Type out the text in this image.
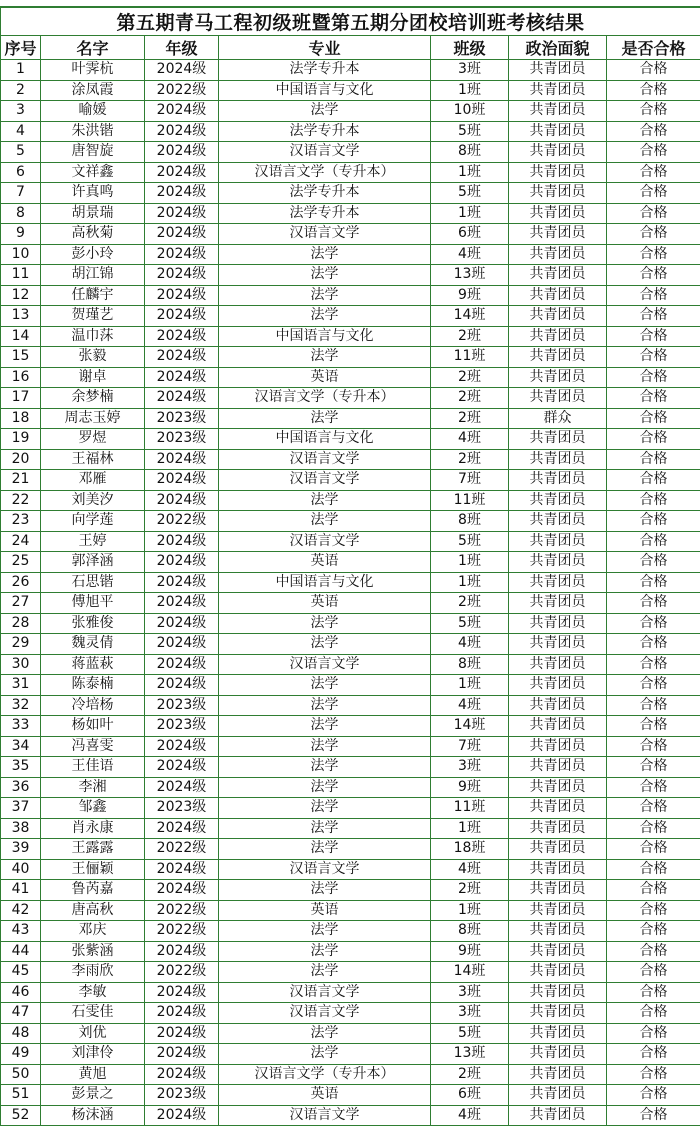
第五期青马工程初级班暨第五期分团校培训班考核结果						
序号	名字	年级	专业	班级	政治面貌	是否合格
1	叶霁杭	2024级	法学专升本	3班	共青团员	合格
2	涂凤霞	2022级	中国语言与文化	1班	共青团员	合格
3	喻媛	2024级	法学	10班	共青团员	合格
4	朱洪锴	2024级	法学专升本	5班	共青团员	合格
5	唐智旋	2024级	汉语言文学	8班	共青团员	合格
6	文祥鑫	2024级	汉语言文学（专升本）	1班	共青团员	合格
7	许真鸣	2024级	法学专升本	5班	共青团员	合格
8	胡景瑞	2024级	法学专升本	1班	共青团员	合格
9	高秋菊	2024级	汉语言文学	6班	共青团员	合格
10	彭小玲	2024级	法学	4班	共青团员	合格
11	胡江锦	2024级	法学	13班	共青团员	合格
12	任麟宇	2024级	法学	9班	共青团员	合格
13	贺瑾艺	2024级	法学	14班	共青团员	合格
14	温巾莯	2024级	中国语言与文化	2班	共青团员	合格
15	张毅	2024级	法学	11班	共青团员	合格
16	谢卓	2024级	英语	2班	共青团员	合格
17	余梦楠	2024级	汉语言文学（专升本）	2班	共青团员	合格
18	周志玉婷	2023级	法学	2班	群众	合格
19	罗煜	2023级	中国语言与文化	4班	共青团员	合格
20	王福林	2024级	汉语言文学	2班	共青团员	合格
21	邓雁	2024级	汉语言文学	7班	共青团员	合格
22	刘美汐	2024级	法学	11班	共青团员	合格
23	向学莲	2022级	法学	8班	共青团员	合格
24	王婷	2024级	汉语言文学	5班	共青团员	合格
25	郭泽涵	2024级	英语	1班	共青团员	合格
26	石思锴	2024级	中国语言与文化	1班	共青团员	合格
27	傅旭平	2024级	英语	2班	共青团员	合格
28	张雅俊	2024级	法学	5班	共青团员	合格
29	魏灵倩	2024级	法学	4班	共青团员	合格
30	蒋蓝萩	2024级	汉语言文学	8班	共青团员	合格
31	陈泰楠	2024级	法学	1班	共青团员	合格
32	冷培杨	2023级	法学	4班	共青团员	合格
33	杨如叶	2023级	法学	14班	共青团员	合格
34	冯喜雯	2024级	法学	7班	共青团员	合格
35	王佳语	2024级	法学	3班	共青团员	合格
36	李湘	2024级	法学	9班	共青团员	合格
37	邹鑫	2023级	法学	11班	共青团员	合格
38	肖永康	2024级	法学	1班	共青团员	合格
39	王露露	2022级	法学	18班	共青团员	合格
40	王俪颖	2024级	汉语言文学	4班	共青团员	合格
41	鲁芮嘉	2024级	法学	2班	共青团员	合格
42	唐高秋	2022级	英语	1班	共青团员	合格
43	邓庆	2022级	法学	8班	共青团员	合格
44	张紫涵	2024级	法学	9班	共青团员	合格
45	李雨欣	2022级	法学	14班	共青团员	合格
46	李敏	2024级	汉语言文学	3班	共青团员	合格
47	石雯佳	2024级	汉语言文学	3班	共青团员	合格
48	刘优	2024级	法学	5班	共青团员	合格
49	刘津伶	2024级	法学	13班	共青团员	合格
50	黄旭	2024级	汉语言文学（专升本）	2班	共青团员	合格
51	彭景之	2023级	英语	6班	共青团员	合格
52	杨沫涵	2024级	汉语言文学	4班	共青团员	合格
